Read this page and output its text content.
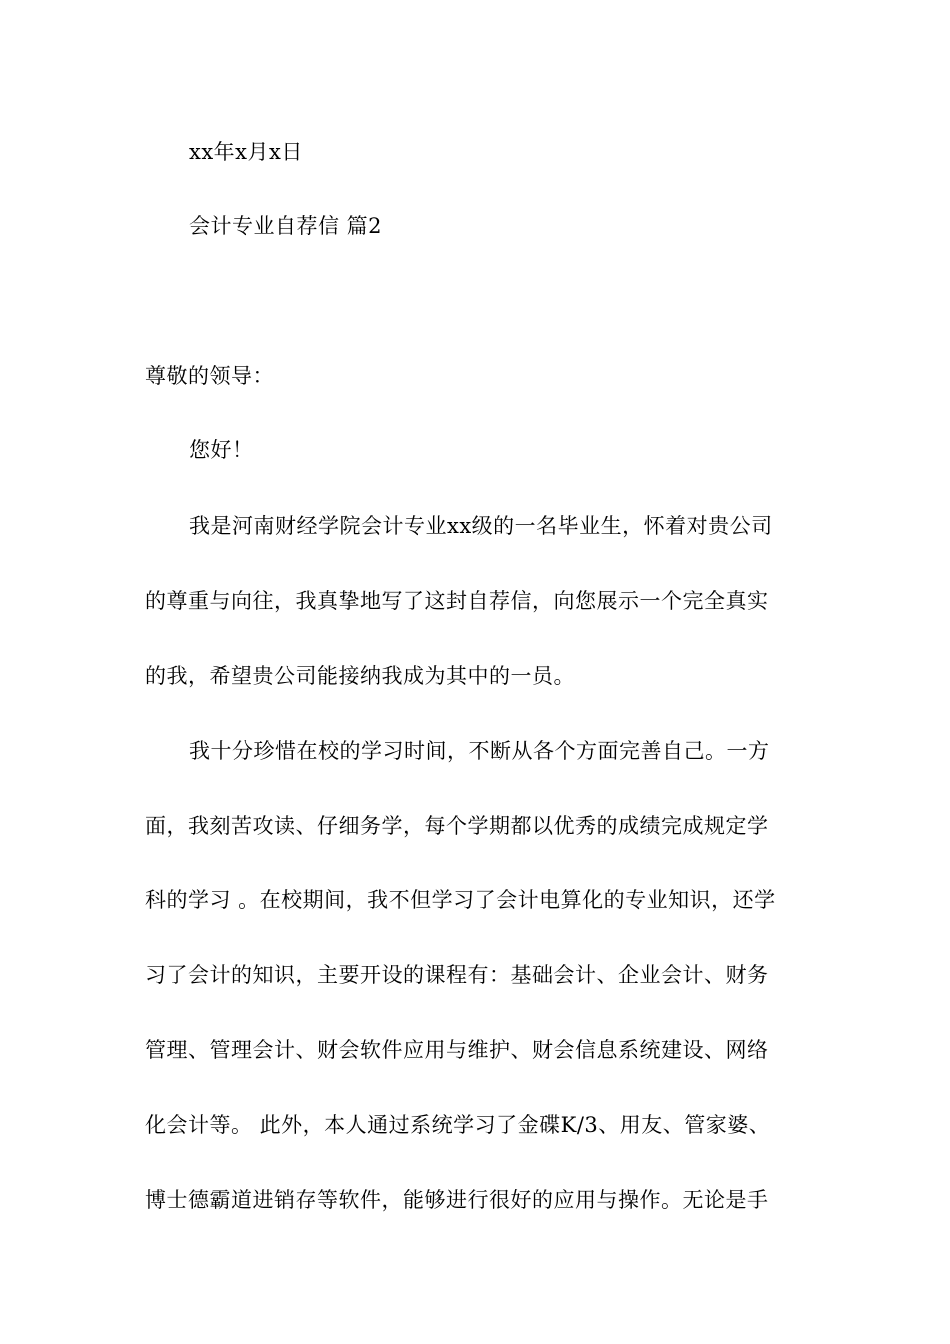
xx年x月x日
会计专业自荐信 篇2
尊敬的领导：
您好！
我是河南财经学院会计专业xx级的一名毕业生，怀着对贵公司
的尊重与向往，我真挚地写了这封自荐信，向您展示一个完全真实
的我，希望贵公司能接纳我成为其中的一员。
我十分珍惜在校的学习时间，不断从各个方面完善自己。一方
面，我刻苦攻读、仔细务学，每个学期都以优秀的成绩完成规定学
科的学习 。在校期间，我不但学习了会计电算化的专业知识，还学
习了会计的知识，主要开设的课程有：基础会计、企业会计、财务
管理、管理会计、财会软件应用与维护、财会信息系统建设、网络
化会计等。 此外，本人通过系统学习了金碟K/3、用友、管家婆、
博士德霸道进销存等软件，能够进行很好的应用与操作。无论是手
